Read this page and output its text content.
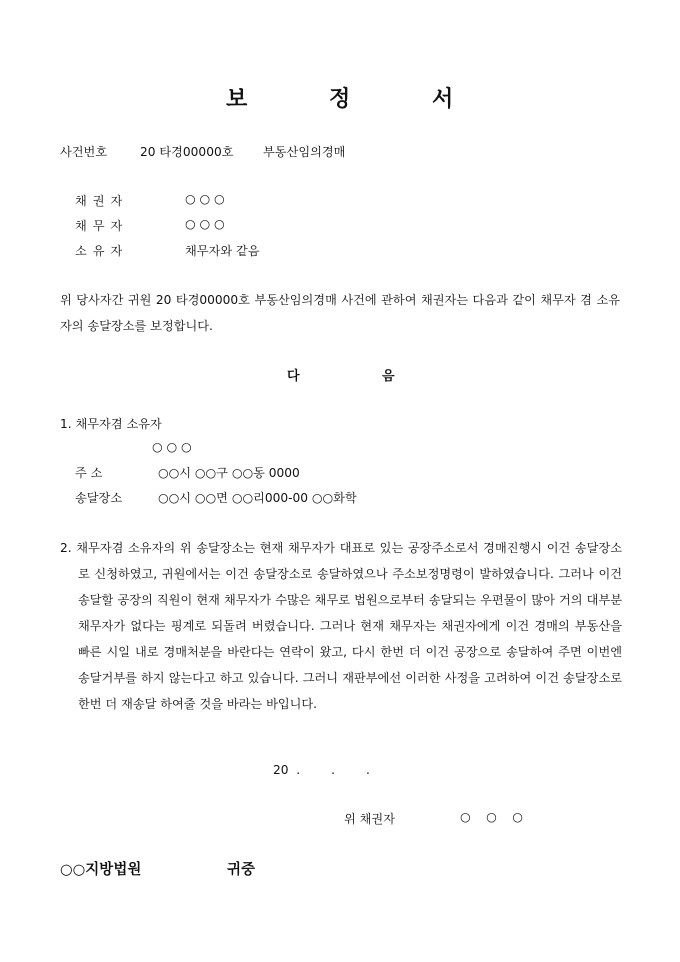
보	정	서
사건번호	20 타경00000호 부동산임의경매
채권자	○ ○ ○
채무자	○ ○ ○
소유자	채무자와 같음
위 당사자간 귀원 20 타경00000호 부동산임의경매 사건에 관하여 채권자는 다음과 같이 채무자 겸 소유자의 송달장소를 보정합니다.
다	음
1. 채무자겸 소유자
○ ○ ○
주 소	○○시 ○○구 ○○동 0000
송달장소	○○시 ○○면 ○○리000-00 ○○화학
2. 채무자겸 소유자의 위 송달장소는 현재 채무자가 대표로 있는 공장주소로서 경매진행시 이건 송달장소로 신청하였고, 귀원에서는 이건 송달장소로 송달하였으나 주소보정명령이 발하였습니다. 그러나 이건 송달할 공장의 직원이 현재 채무자가 수많은 채무로 법원으로부터 송달되는 우편물이 많아 거의 대부분 채무자가 없다는 핑계로 되돌려 버렸습니다. 그러나 현재 채무자는 채권자에게 이건 경매의 부동산을 빠른 시일 내로 경매처분을 바란다는 연락이 왔고, 다시 한번 더 이건 공장으로 송달하여 주면 이번엔 송달거부를 하지 않는다고 하고 있습니다. 그러니 재판부에선 이러한 사정을 고려하여 이건 송달장소로 한번 더 재송달 하여줄 것을 바라는 바입니다.
20  .        .        .
위 채권자	○    ○    ○
○○지방법원	귀중
